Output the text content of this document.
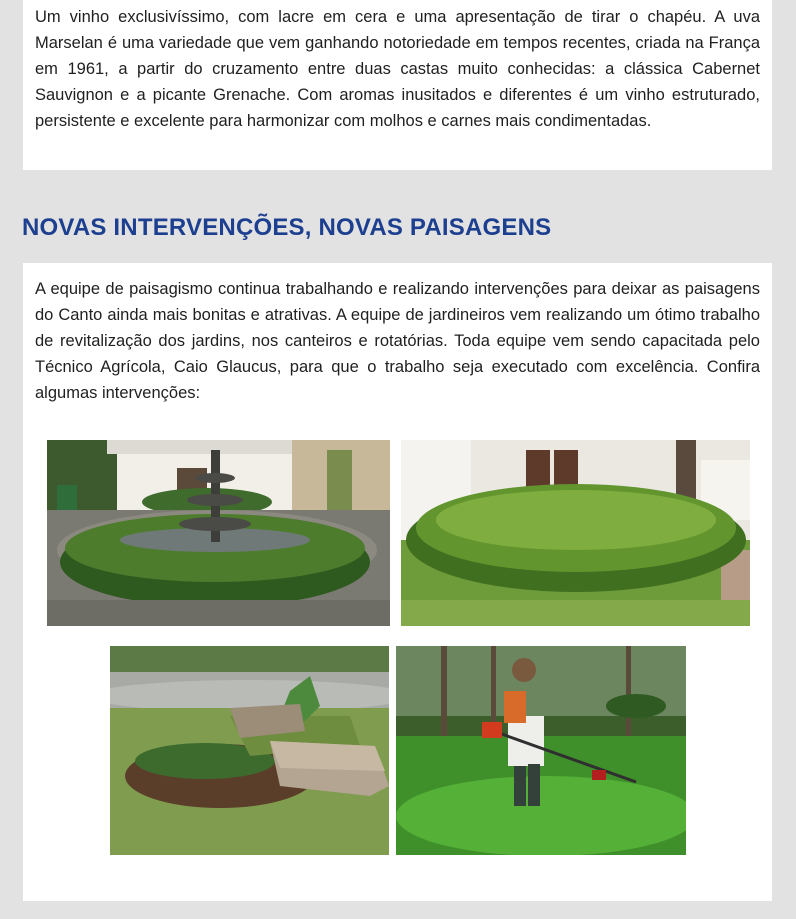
Um vinho exclusivíssimo, com lacre em cera e uma apresentação de tirar o chapéu. A uva Marselan é uma variedade que vem ganhando notoriedade em tempos recentes, criada na França em 1961, a partir do cruzamento entre duas castas muito conhecidas: a clássica Cabernet Sauvignon e a picante Grenache. Com aromas inusitados e diferentes é um vinho estruturado, persistente e excelente para harmonizar com molhos e carnes mais condimentadas.

NOVAS INTERVENÇÕES, NOVAS PAISAGENS

A equipe de paisagismo continua trabalhando e realizando intervenções para deixar as paisagens do Canto ainda mais bonitas e atrativas. A equipe de jardineiros vem realizando um ótimo trabalho de revitalização dos jardins, nos canteiros e rotatórias. Toda equipe vem sendo capacitada pelo Técnico Agrícola, Caio Glaucus, para que o trabalho seja executado com excelência. Confira algumas intervenções:
